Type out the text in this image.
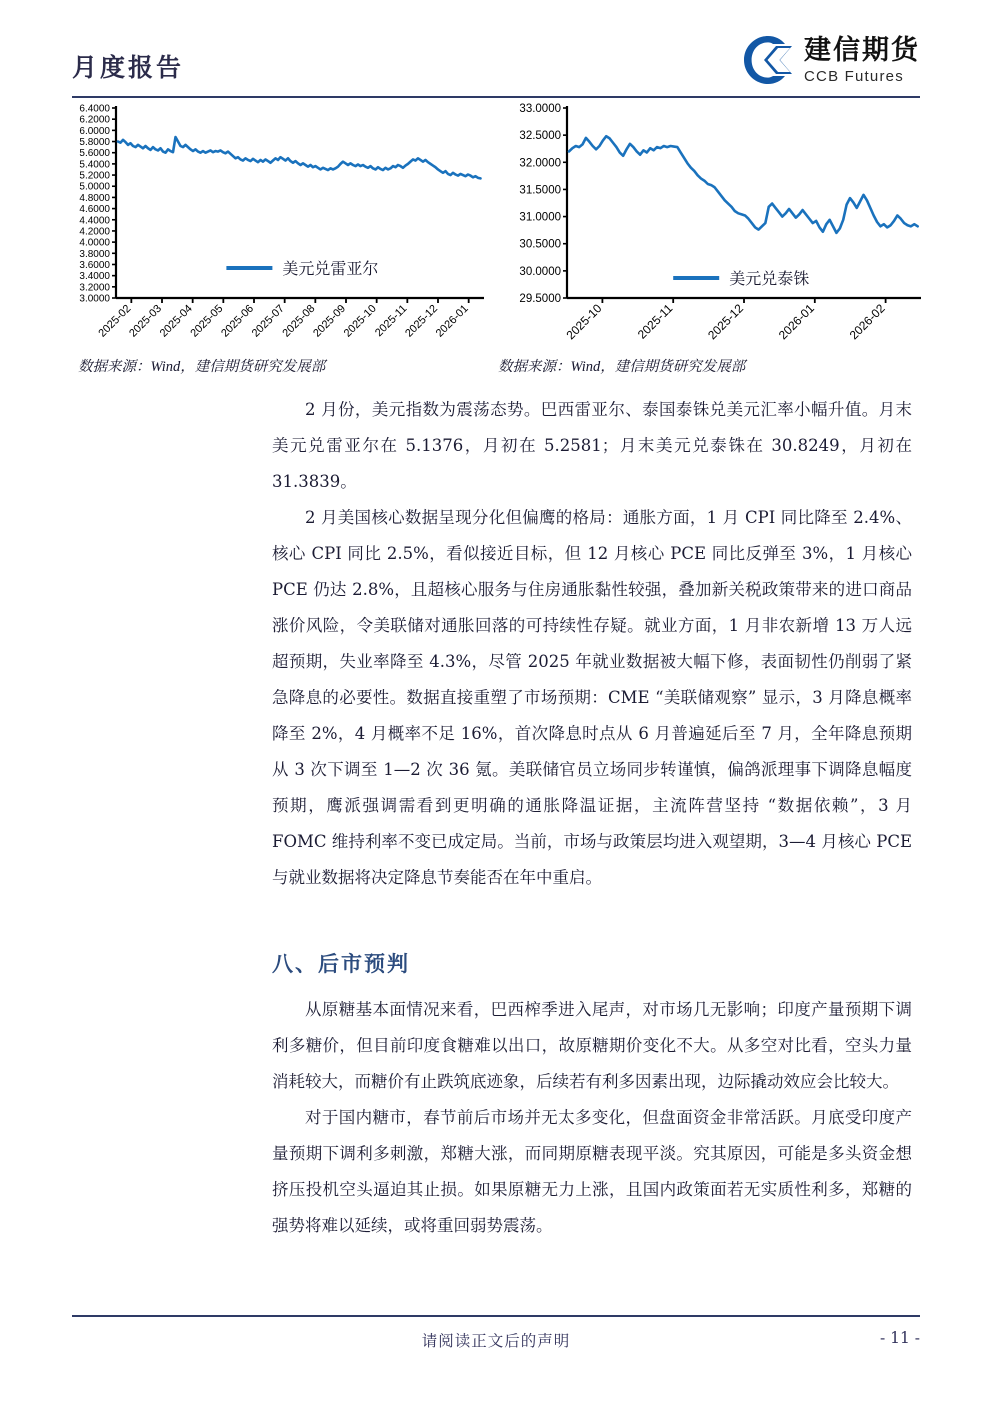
月度报告
建信期货
CCB Futures
6.4000
6.2000
6.0000
5.8000
5.6000
5.4000
5.2000
5.0000
4.8000
4.6000
4.4000
4.2000
4.0000
3.8000
3.6000
3.4000
3.2000
3.0000
2025-02
2025-03
2025-04
2025-05
2025-06
2025-07
2025-08
2025-09
2025-10
2025-11
2025-12
2026-01
美元兑雷亚尔
33.0000
32.5000
32.0000
31.5000
31.0000
30.5000
30.0000
29.5000
2025-10	2025-11 2025-12 2026-01 2026-02
美元兑泰铢
数据来源：Wind，建信期货研究发展部	数据来源：Wind，建信期货研究发展部

2 月份，美元指数为震荡态势。巴西雷亚尔、泰国泰铢兑美元汇率小幅升值。月末美元兑雷亚尔在 5.1376，月初在 5.2581；月末美元兑泰铢在 30.8249，月初在 31.3839。

2 月美国核心数据呈现分化但偏鹰的格局：通胀方面，1 月 CPI 同比降至 2.4%、核心 CPI 同比 2.5%，看似接近目标，但 12 月核心 PCE 同比反弹至 3%，1 月核心 PCE 仍达 2.8%，且超核心服务与住房通胀黏性较强，叠加新关税政策带来的进口商品涨价风险，令美联储对通胀回落的可持续性存疑。就业方面，1 月非农新增 13 万人远超预期，失业率降至 4.3%，尽管 2025 年就业数据被大幅下修，表面韧性仍削弱了紧急降息的必要性。数据直接重塑了市场预期：CME “美联储观察” 显示，3 月降息概率降至 2%，4 月概率不足 16%，首次降息时点从 6 月普遍延后至 7 月，全年降息预期从 3 次下调至 1—2 次 36 氪。美联储官员立场同步转谨慎，偏鸽派理事下调降息幅度预期，鹰派强调需看到更明确的通胀降温证据，主流阵营坚持 “数据依赖”，3 月 FOMC 维持利率不变已成定局。当前，市场与政策层均进入观望期，3—4 月核心 PCE 与就业数据将决定降息节奏能否在年中重启。

八、后市预判

从原糖基本面情况来看，巴西榨季进入尾声，对市场几无影响；印度产量预期下调利多糖价，但目前印度食糖难以出口，故原糖期价变化不大。从多空对比看，空头力量消耗较大，而糖价有止跌筑底迹象，后续若有利多因素出现，边际撬动效应会比较大。

对于国内糖市，春节前后市场并无太多变化，但盘面资金非常活跃。月底受印度产量预期下调利多刺激，郑糖大涨，而同期原糖表现平淡。究其原因，可能是多头资金想挤压投机空头逼迫其止损。如果原糖无力上涨，且国内政策面若无实质性利多，郑糖的强势将难以延续，或将重回弱势震荡。

请阅读正文后的声明	- 11 -
